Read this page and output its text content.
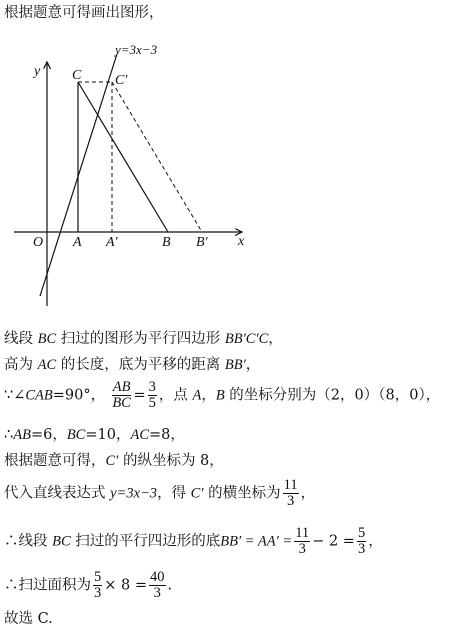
根据题意可得画出图形，
y=3x−3
y
x
O
C C′
A A′	B B′
线段 BC 扫过的图形为平行四边形 BB′C′C，
高为 AC 的长度，底为平移的距离 BB′，
∵∠CAB=90°， $\frac{AB}{BC} = \frac{3}{5}$ ，点 A，B 的坐标分别为（2，0）（8，0），
∴AB=6，BC=10，AC=8，
根据题意可得，C′ 的纵坐标为 8，
代入直线表达式 y=3x−3，得 C′ 的横坐标为 $\frac{11}{3}$ ，
∴线段 BC 扫过的平行四边形的底$BB' = AA' = \frac{11}{3} - 2 = \frac{5}{3}$ ，
∴扫过面积为 $\frac{5}{3} \times 8 = \frac{40}{3}$ .
故选 C.
